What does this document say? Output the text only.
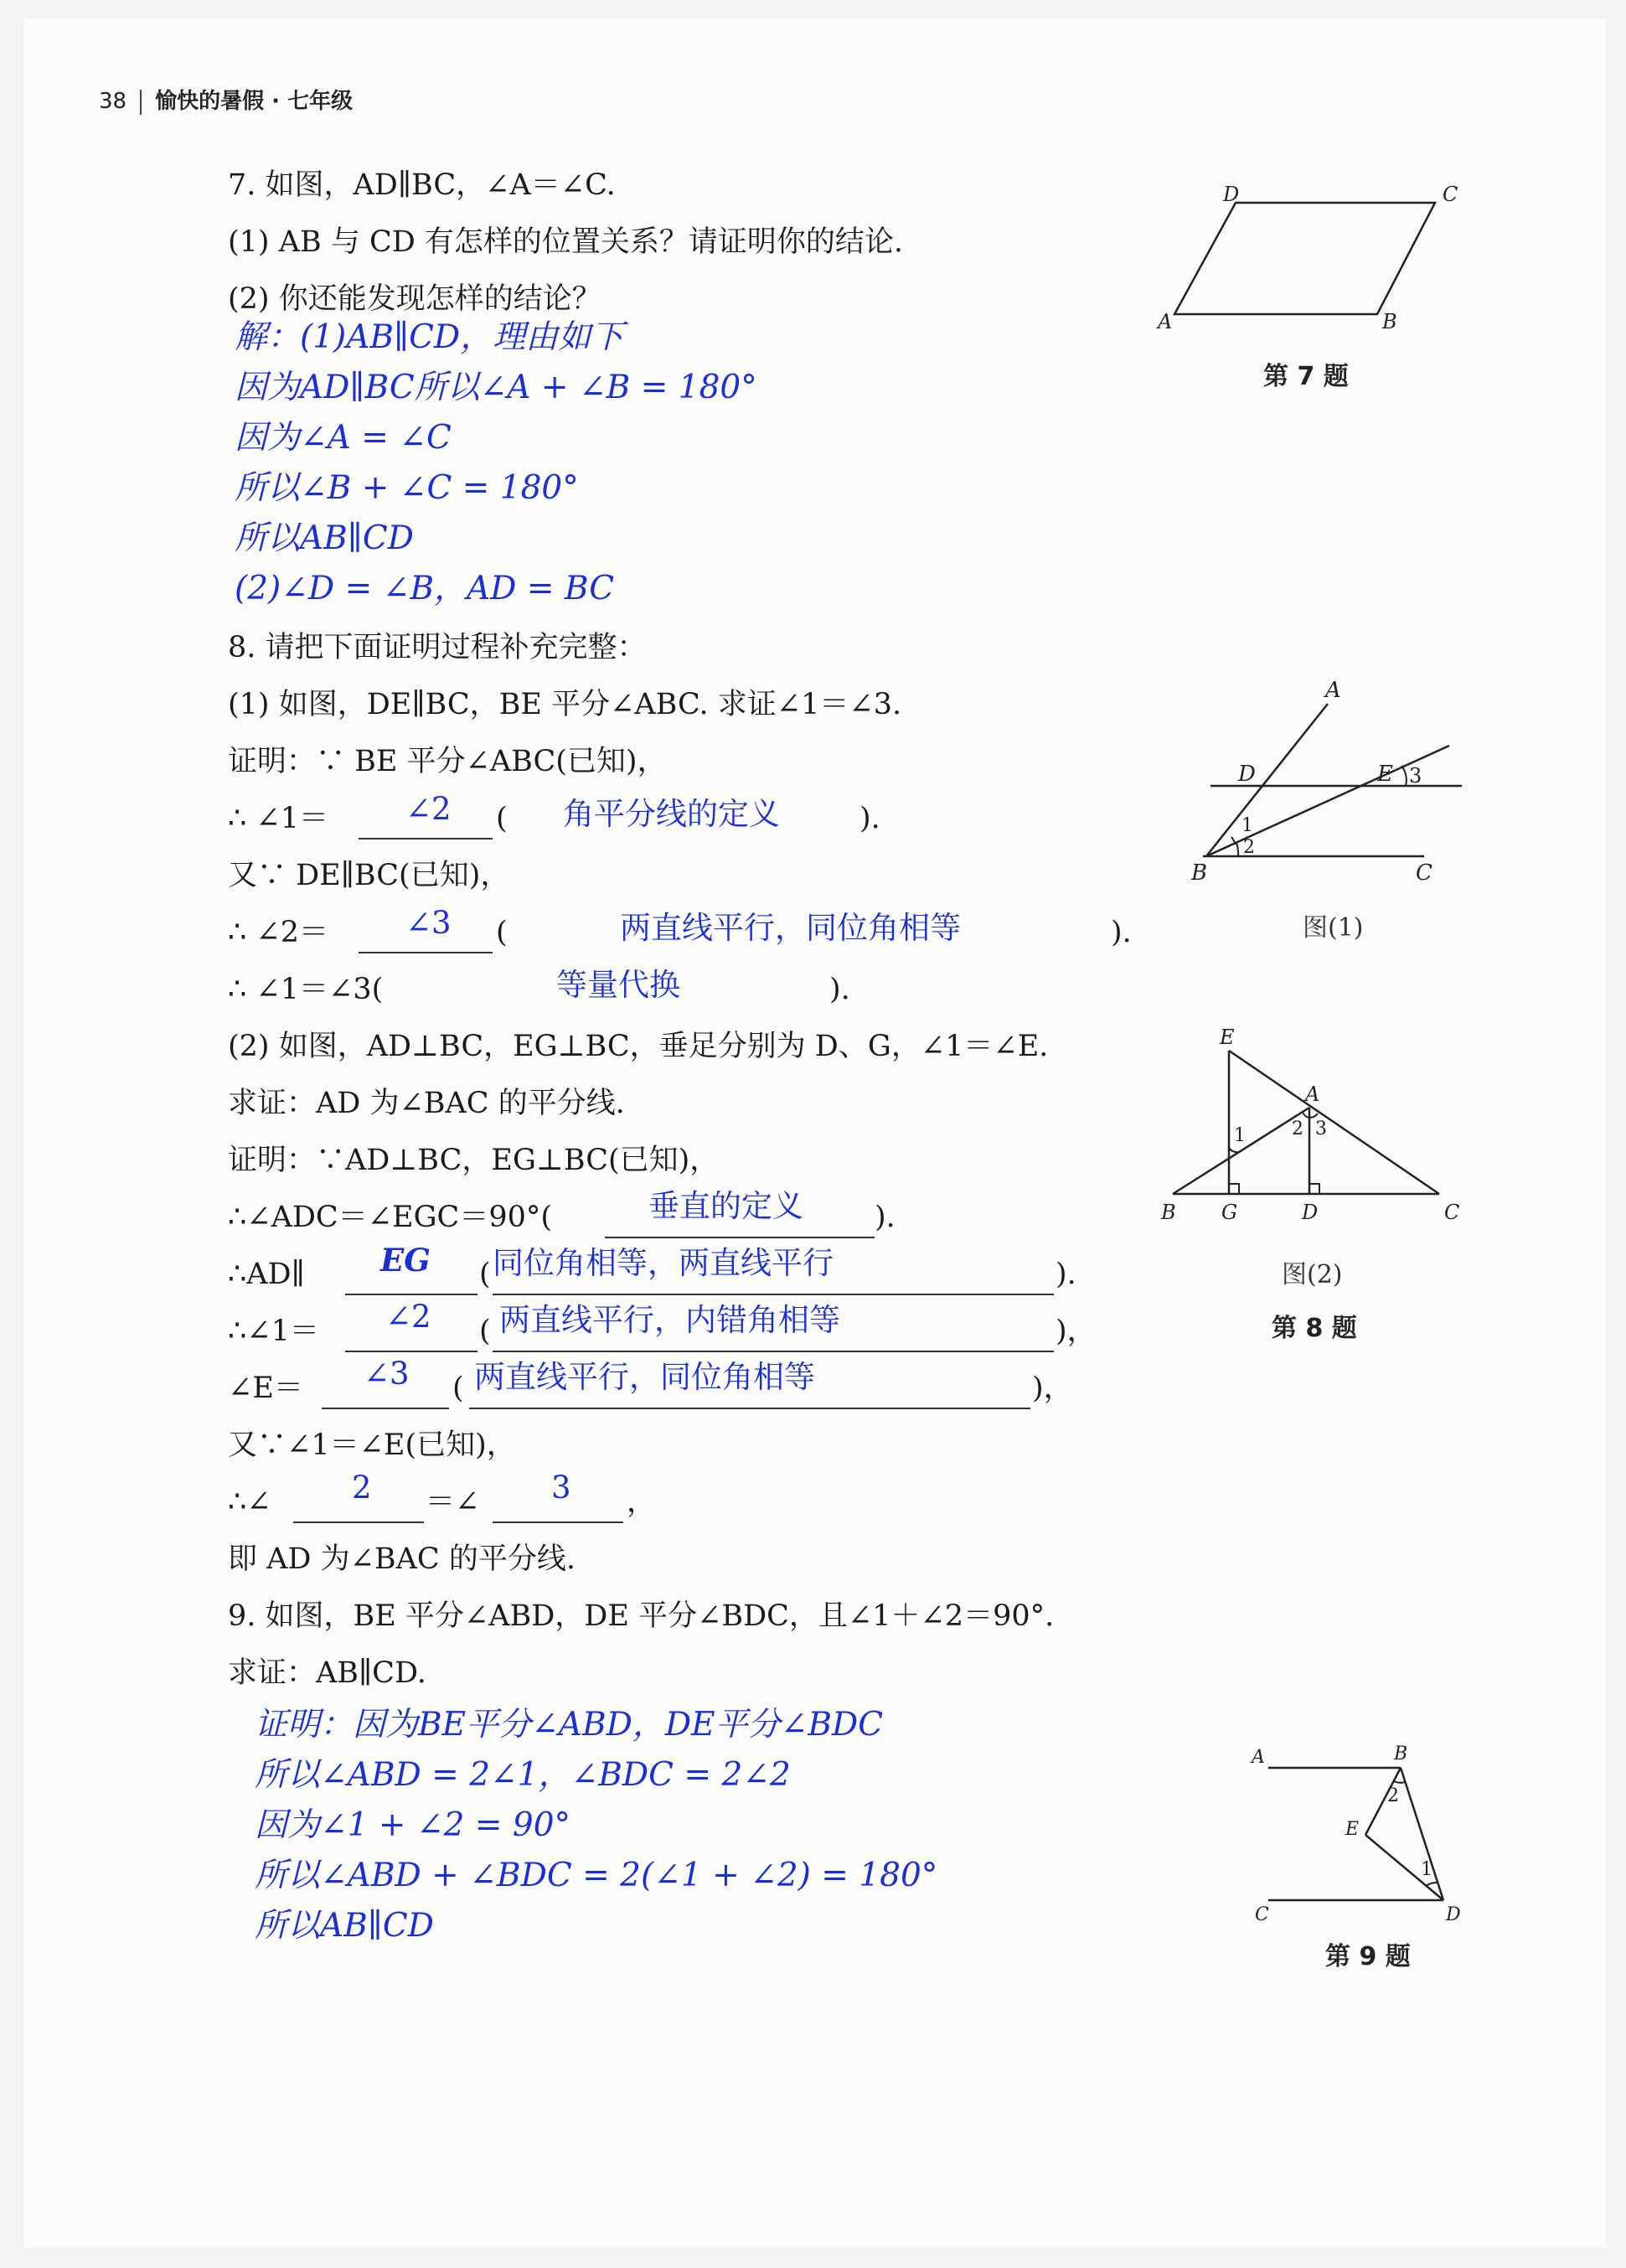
38 愉快的暑假 · 七年级
7. 如图，AD∥BC，∠A＝∠C.
(1) AB 与 CD 有怎样的位置关系？请证明你的结论.
(2) 你还能发现怎样的结论？
解：(1)AB∥CD，理由如下
因为AD∥BC所以∠A + ∠B = 180°
因为∠A = ∠C
所以∠B + ∠C = 180°
所以AB∥CD
(2)∠D = ∠B，AD = BC
D	C
A	B
第 7 题
8. 请把下面证明过程补充完整：
(1) 如图，DE∥BC，BE 平分∠ABC. 求证∠1＝∠3.
证明：∵ BE 平分∠ABC(已知)，
∴ ∠1＝ ∠2 ( 角平分线的定义	).
又∵ DE∥BC(已知)，
∴ ∠2＝ ∠3 (	两直线平行，同位角相等	).
∴ ∠1＝∠3(	等量代换	).
A
D	E 3
1
2
B	C
图(1)
(2) 如图，AD⊥BC，EG⊥BC，垂足分别为 D、G，∠1＝∠E.
求证：AD 为∠BAC 的平分线.
证明：∵AD⊥BC，EG⊥BC(已知)，
∴∠ADC＝∠EGC＝90°(	垂直的定义 ).
∴AD∥ EG ( 同位角相等，两直线平行	).
∴∠1＝ ∠2 ( 两直线平行，内错角相等	)，
∠E＝ ∠3 ( 两直线平行，同位角相等	)，
又∵∠1＝∠E(已知)，
∴∠	2 ＝∠ 3 ，
即 AD 为∠BAC 的平分线.
E
A
1	2 3
B G	D	C
图(2)
第 8 题
9. 如图，BE 平分∠ABD，DE 平分∠BDC，且∠1＋∠2＝90°.
求证：AB∥CD.
证明：因为BE平分∠ABD，DE平分∠BDC
所以∠ABD = 2∠1，∠BDC = 2∠2
因为∠1 + ∠2 = 90°
所以∠ABD + ∠BDC = 2(∠1 + ∠2) = 180°
所以AB∥CD
A	B
2
E
1
C	D
第 9 题
